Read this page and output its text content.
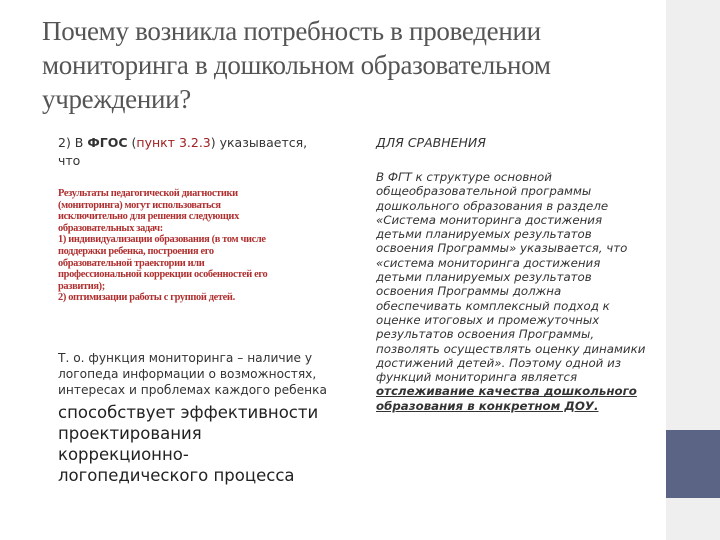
Почему возникла потребность в проведении мониторинга в дошкольном образовательном учреждении?
2) В ФГОС (пункт 3.2.3) указывается, что
Результаты педагогической диагностики
(мониторинга) могут использоваться
исключительно для решения следующих
образовательных задач:
1) индивидуализации образования (в том числе
поддержки ребенка, построения его
образовательной траектории или
профессиональной коррекции особенностей его
развития);
2) оптимизации работы с группой детей.
Т. о. функция мониторинга – наличие у логопеда информации о возможностях, интересах и проблемах каждого ребенка
способствует эффективности проектирования коррекционно-логопедического процесса
ДЛЯ СРАВНЕНИЯ
В ФГТ к структуре основной общеобразовательной программы дошкольного образования в разделе «Система мониторинга достижения детьми планируемых результатов освоения Программы» указывается, что «система мониторинга достижения детьми планируемых результатов освоения Программы должна обеспечивать комплексный подход к оценке итоговых и промежуточных результатов освоения Программы, позволять осуществлять оценку динамики достижений детей». Поэтому одной из функций мониторинга является отслеживание качества дошкольного образования в конкретном ДОУ.
